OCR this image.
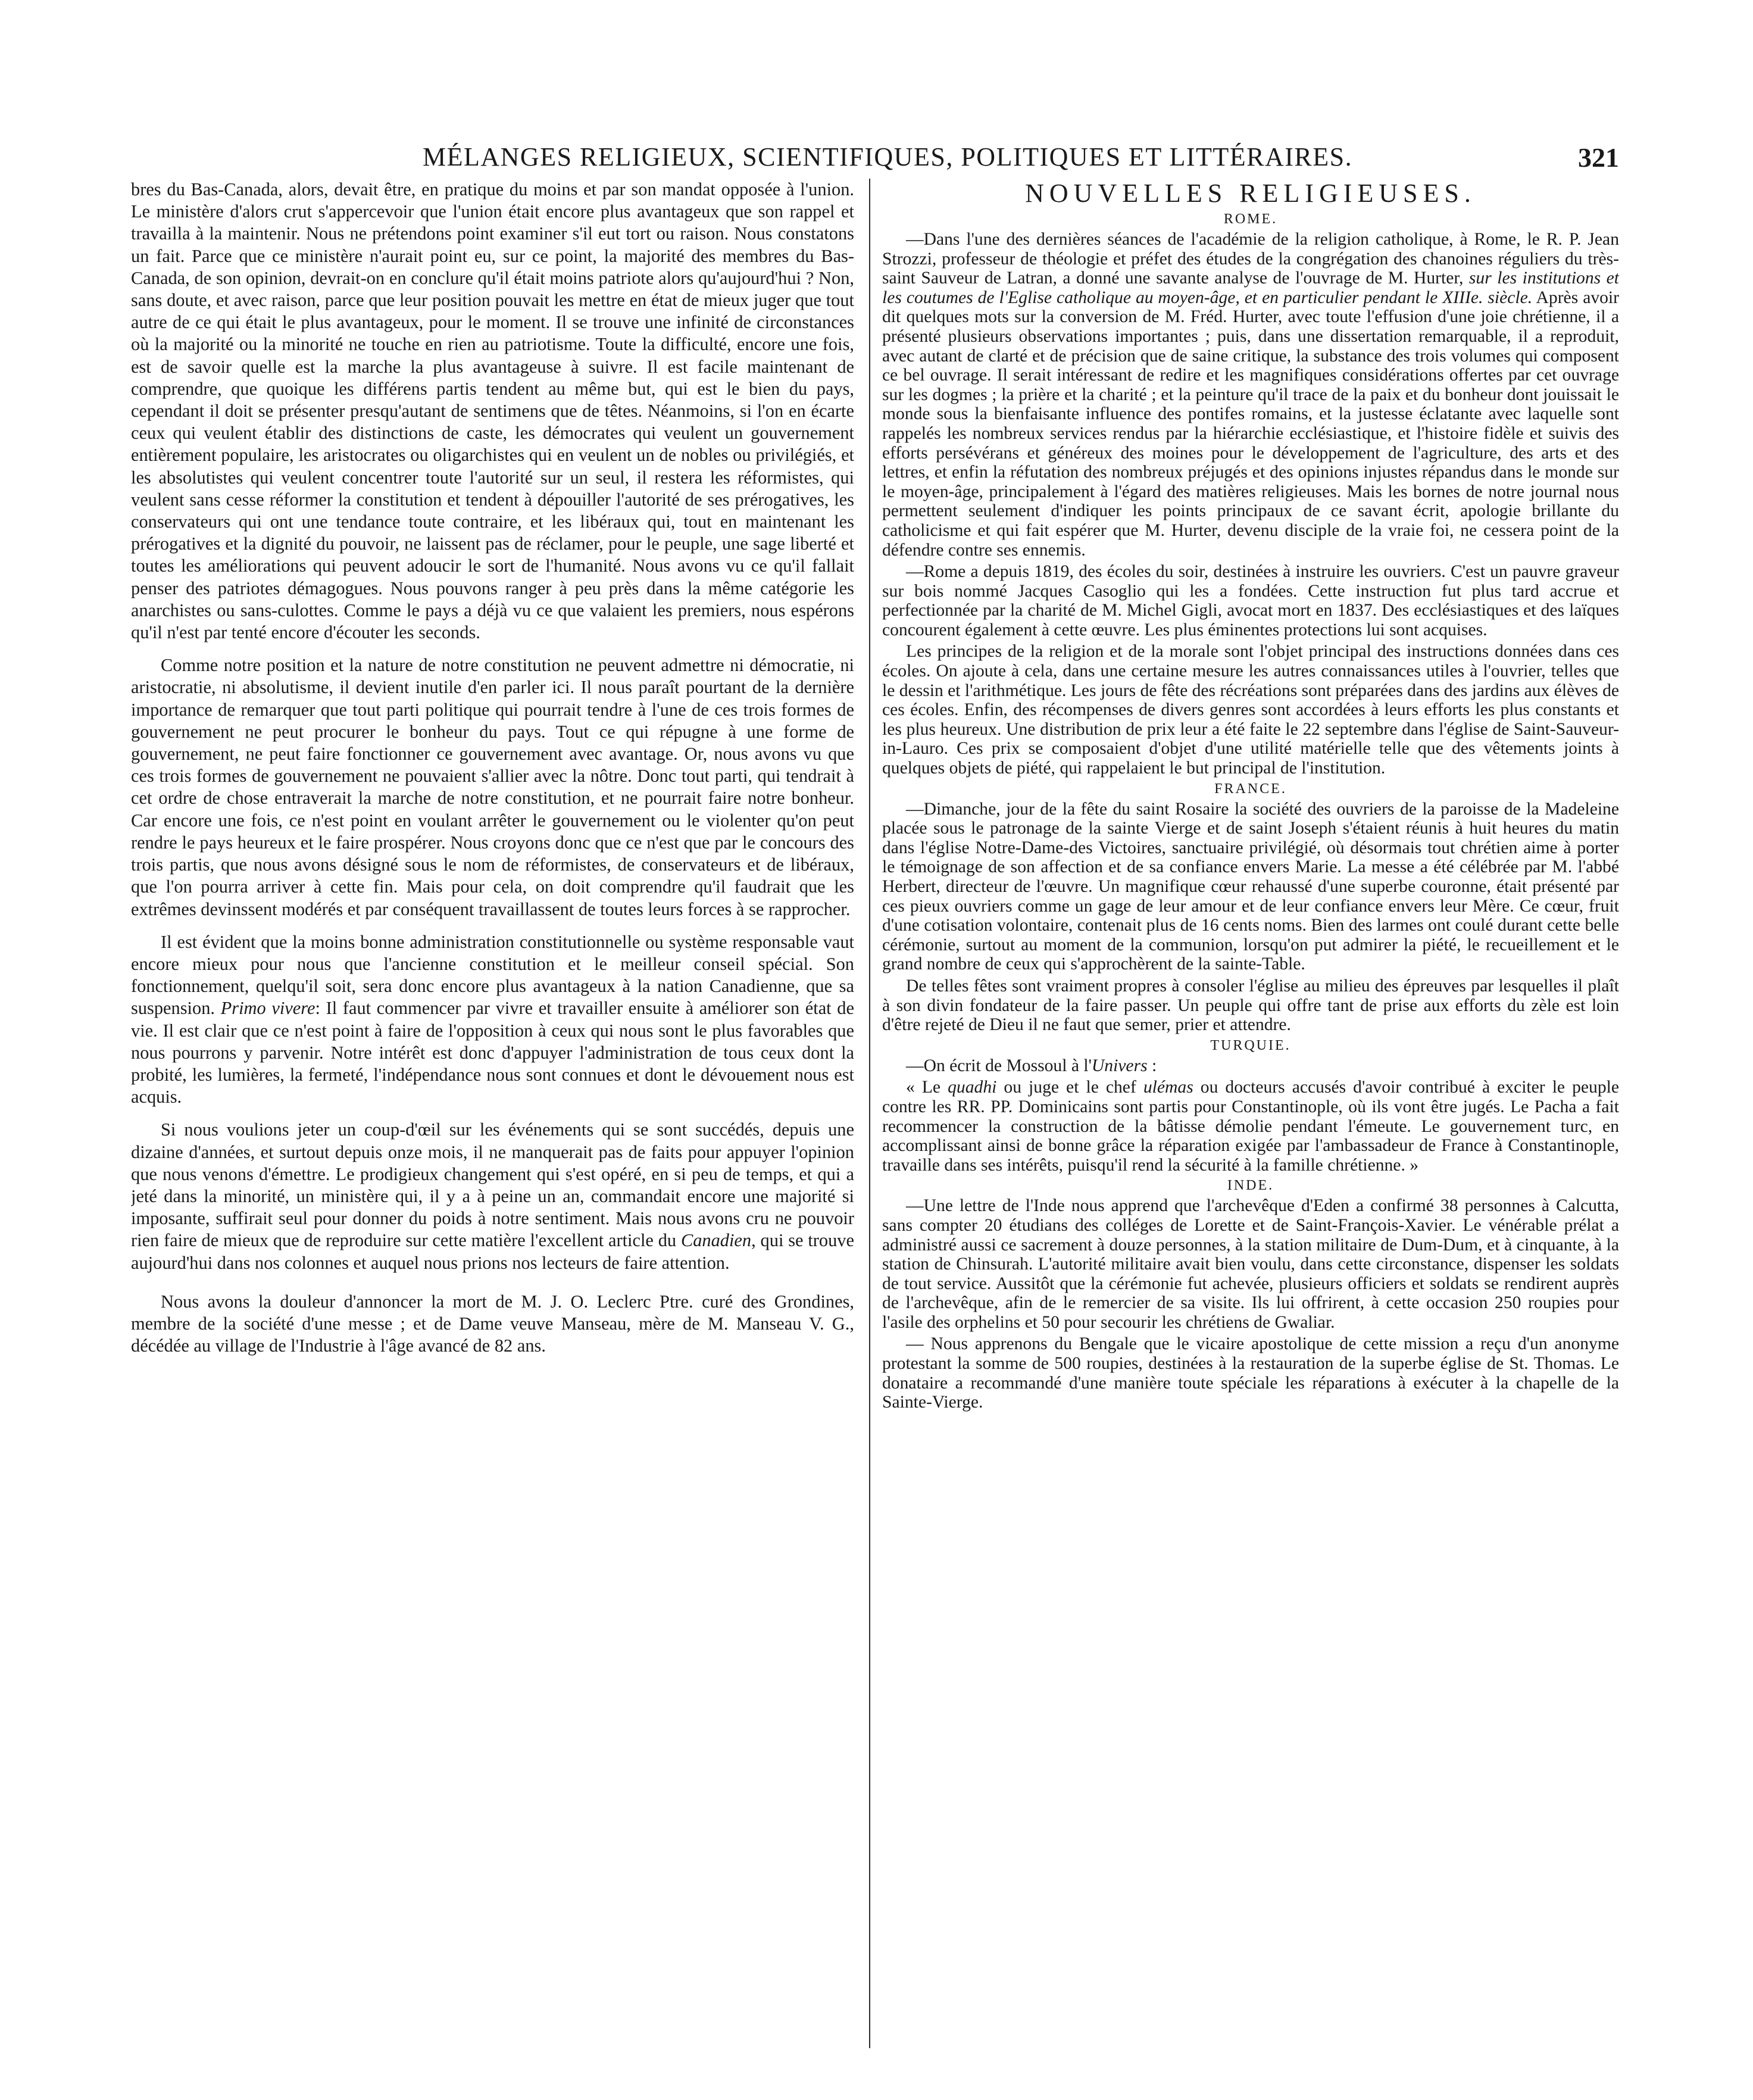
MÉLANGES RELIGIEUX, SCIENTIFIQUES, POLITIQUES ET LITTÉRAIRES.	321

bres du Bas-Canada, alors, devait être, en pratique du moins et par son mandat opposée à l'union. Le ministère d'alors crut s'appercevoir que l'union était encore plus avantageux que son rappel et travailla à la maintenir. Nous ne prétendons point examiner s'il eut tort ou raison. Nous constatons un fait. Parce que ce ministère n'aurait point eu, sur ce point, la majorité des membres du Bas-Canada, de son opinion, devrait-on en conclure qu'il était moins patriote alors qu'aujourd'hui ? Non, sans doute, et avec raison, parce que leur position pouvait les mettre en état de mieux juger que tout autre de ce qui était le plus avantageux, pour le moment. Il se trouve une infinité de circonstances où la majorité ou la minorité ne touche en rien au patriotisme. Toute la difficulté, encore une fois, est de savoir quelle est la marche la plus avantageuse à suivre. Il est facile maintenant de comprendre, que quoique les différens partis tendent au même but, qui est le bien du pays, cependant il doit se présenter presqu'autant de sentimens que de têtes. Néanmoins, si l'on en écarte ceux qui veulent établir des distinctions de caste, les démocrates qui veulent un gouvernement entièrement populaire, les aristocrates ou oligarchistes qui en veulent un de nobles ou privilégiés, et les absolutistes qui veulent concentrer toute l'autorité sur un seul, il restera les réformistes, qui veulent sans cesse réformer la constitution et tendent à dépouiller l'autorité de ses prérogatives, les conservateurs qui ont une tendance toute contraire, et les libéraux qui, tout en maintenant les prérogatives et la dignité du pouvoir, ne laissent pas de réclamer, pour le peuple, une sage liberté et toutes les améliorations qui peuvent adoucir le sort de l'humanité. Nous avons vu ce qu'il fallait penser des patriotes démagogues. Nous pouvons ranger à peu près dans la même catégorie les anarchistes ou sans-culottes. Comme le pays a déjà vu ce que valaient les premiers, nous espérons qu'il n'est par tenté encore d'écouter les seconds.

Comme notre position et la nature de notre constitution ne peuvent admettre ni démocratie, ni aristocratie, ni absolutisme, il devient inutile d'en parler ici. Il nous paraît pourtant de la dernière importance de remarquer que tout parti politique qui pourrait tendre à l'une de ces trois formes de gouvernement ne peut procurer le bonheur du pays. Tout ce qui répugne à une forme de gouvernement, ne peut faire fonctionner ce gouvernement avec avantage. Or, nous avons vu que ces trois formes de gouvernement ne pouvaient s'allier avec la nôtre. Donc tout parti, qui tendrait à cet ordre de chose entraverait la marche de notre constitution, et ne pourrait faire notre bonheur. Car encore une fois, ce n'est point en voulant arrêter le gouvernement ou le violenter qu'on peut rendre le pays heureux et le faire prospérer. Nous croyons donc que ce n'est que par le concours des trois partis, que nous avons désigné sous le nom de réformistes, de conservateurs et de libéraux, que l'on pourra arriver à cette fin. Mais pour cela, on doit comprendre qu'il faudrait que les extrêmes devinssent modérés et par conséquent travaillassent de toutes leurs forces à se rapprocher.

Il est évident que la moins bonne administration constitutionnelle ou système responsable vaut encore mieux pour nous que l'ancienne constitution et le meilleur conseil spécial. Son fonctionnement, quelqu'il soit, sera donc encore plus avantageux à la nation Canadienne, que sa suspension. Primo vivere: Il faut commencer par vivre et travailler ensuite à améliorer son état de vie. Il est clair que ce n'est point à faire de l'opposition à ceux qui nous sont le plus favorables que nous pourrons y parvenir. Notre intérêt est donc d'appuyer l'administration de tous ceux dont la probité, les lumières, la fermeté, l'indépendance nous sont connues et dont le dévouement nous est acquis.

Si nous voulions jeter un coup-d'œil sur les événements qui se sont succédés, depuis une dizaine d'années, et surtout depuis onze mois, il ne manquerait pas de faits pour appuyer l'opinion que nous venons d'émettre. Le prodigieux changement qui s'est opéré, en si peu de temps, et qui a jeté dans la minorité, un ministère qui, il y a à peine un an, commandait encore une majorité si imposante, suffirait seul pour donner du poids à notre sentiment. Mais nous avons cru ne pouvoir rien faire de mieux que de reproduire sur cette matière l'excellent article du Canadien, qui se trouve aujourd'hui dans nos colonnes et auquel nous prions nos lecteurs de faire attention.

Nous avons la douleur d'annoncer la mort de M. J. O. Leclerc Ptre. curé des Grondines, membre de la société d'une messe ; et de Dame veuve Manseau, mère de M. Manseau V. G., décédée au village de l'Industrie à l'âge avancé de 82 ans.

NOUVELLES RELIGIEUSES.
ROME.

—Dans l'une des dernières séances de l'académie de la religion catholique, à Rome, le R. P. Jean Strozzi, professeur de théologie et préfet des études de la congrégation des chanoines réguliers du très-saint Sauveur de Latran, a donné une savante analyse de l'ouvrage de M. Hurter, sur les institutions et les coutumes de l'Eglise catholique au moyen-âge, et en particulier pendant le XIIIe. siècle. Après avoir dit quelques mots sur la conversion de M. Fréd. Hurter, avec toute l'effusion d'une joie chrétienne, il a présenté plusieurs observations importantes ; puis, dans une dissertation remarquable, il a reproduit, avec autant de clarté et de précision que de saine critique, la substance des trois volumes qui composent ce bel ouvrage. Il serait intéressant de redire et les magnifiques considérations offertes par cet ouvrage sur les dogmes ; la prière et la charité ; et la peinture qu'il trace de la paix et du bonheur dont jouissait le monde sous la bienfaisante influence des pontifes romains, et la justesse éclatante avec laquelle sont rappelés les nombreux services rendus par la hiérarchie ecclésiastique, et l'histoire fidèle et suivis des efforts persévérans et généreux des moines pour le développement de l'agriculture, des arts et des lettres, et enfin la réfutation des nombreux préjugés et des opinions injustes répandus dans le monde sur le moyen-âge, principalement à l'égard des matières religieuses. Mais les bornes de notre journal nous permettent seulement d'indiquer les points principaux de ce savant écrit, apologie brillante du catholicisme et qui fait espérer que M. Hurter, devenu disciple de la vraie foi, ne cessera point de la défendre contre ses ennemis.

—Rome a depuis 1819, des écoles du soir, destinées à instruire les ouvriers. C'est un pauvre graveur sur bois nommé Jacques Casoglio qui les a fondées. Cette instruction fut plus tard accrue et perfectionnée par la charité de M. Michel Gigli, avocat mort en 1837. Des ecclésiastiques et des laïques concourent également à cette œuvre. Les plus éminentes protections lui sont acquises.

Les principes de la religion et de la morale sont l'objet principal des instructions données dans ces écoles. On ajoute à cela, dans une certaine mesure les autres connaissances utiles à l'ouvrier, telles que le dessin et l'arithmétique. Les jours de fête des récréations sont préparées dans des jardins aux élèves de ces écoles. Enfin, des récompenses de divers genres sont accordées à leurs efforts les plus constants et les plus heureux. Une distribution de prix leur a été faite le 22 septembre dans l'église de Saint-Sauveur-in-Lauro. Ces prix se composaient d'objet d'une utilité matérielle telle que des vêtements joints à quelques objets de piété, qui rappelaient le but principal de l'institution.

FRANCE.

—Dimanche, jour de la fête du saint Rosaire la société des ouvriers de la paroisse de la Madeleine placée sous le patronage de la sainte Vierge et de saint Joseph s'étaient réunis à huit heures du matin dans l'église Notre-Dame-des Victoires, sanctuaire privilégié, où désormais tout chrétien aime à porter le témoignage de son affection et de sa confiance envers Marie. La messe a été célébrée par M. l'abbé Herbert, directeur de l'œuvre. Un magnifique cœur rehaussé d'une superbe couronne, était présenté par ces pieux ouvriers comme un gage de leur amour et de leur confiance envers leur Mère. Ce cœur, fruit d'une cotisation volontaire, contenait plus de 16 cents noms. Bien des larmes ont coulé durant cette belle cérémonie, surtout au moment de la communion, lorsqu'on put admirer la piété, le recueillement et le grand nombre de ceux qui s'approchèrent de la sainte-Table.

De telles fêtes sont vraiment propres à consoler l'église au milieu des épreuves par lesquelles il plaît à son divin fondateur de la faire passer. Un peuple qui offre tant de prise aux efforts du zèle est loin d'être rejeté de Dieu il ne faut que semer, prier et attendre.

TURQUIE.

—On écrit de Mossoul à l'Univers :

« Le quadhi ou juge et le chef ulémas ou docteurs accusés d'avoir contribué à exciter le peuple contre les RR. PP. Dominicains sont partis pour Constantinople, où ils vont être jugés. Le Pacha a fait recommencer la construction de la bâtisse démolie pendant l'émeute. Le gouvernement turc, en accomplissant ainsi de bonne grâce la réparation exigée par l'ambassadeur de France à Constantinople, travaille dans ses intérêts, puisqu'il rend la sécurité à la famille chrétienne. »

INDE.

—Une lettre de l'Inde nous apprend que l'archevêque d'Eden a confirmé 38 personnes à Calcutta, sans compter 20 étudians des colléges de Lorette et de Saint-François-Xavier. Le vénérable prélat a administré aussi ce sacrement à douze personnes, à la station militaire de Dum-Dum, et à cinquante, à la station de Chinsurah. L'autorité militaire avait bien voulu, dans cette circonstance, dispenser les soldats de tout service. Aussitôt que la cérémonie fut achevée, plusieurs officiers et soldats se rendirent auprès de l'archevêque, afin de le remercier de sa visite. Ils lui offrirent, à cette occasion 250 roupies pour l'asile des orphelins et 50 pour secourir les chrétiens de Gwaliar.

— Nous apprenons du Bengale que le vicaire apostolique de cette mission a reçu d'un anonyme protestant la somme de 500 roupies, destinées à la restauration de la superbe église de St. Thomas. Le donataire a recommandé d'une manière toute spéciale les réparations à exécuter à la chapelle de la Sainte-Vierge.
